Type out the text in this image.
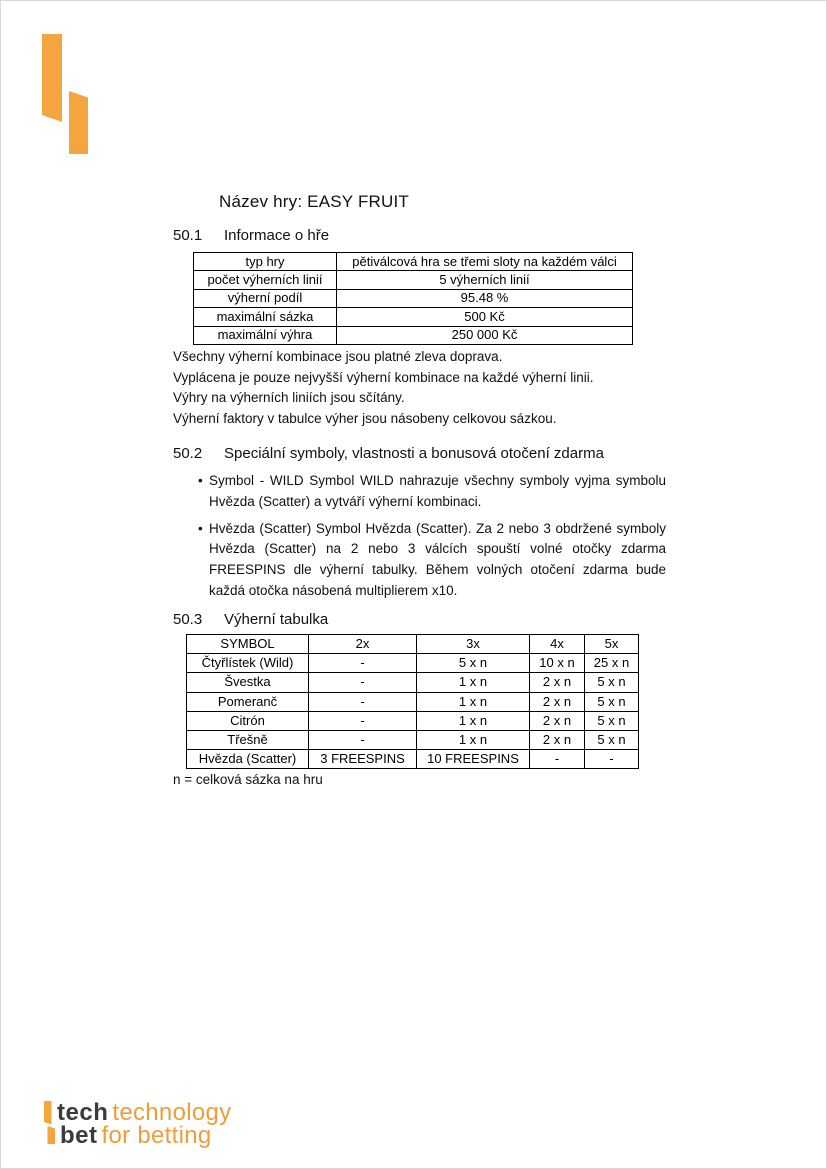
Název hry: EASY FRUIT
50.1	Informace o hře
typ hry	pětiválcová hra se třemi sloty na každém válci
počet výherních linií	5 výherních linií
výherní podíl	95.48 %
maximální sázka	500 Kč
maximální výhra	250 000 Kč
Všechny výherní kombinace jsou platné zleva doprava.
Vyplácena je pouze nejvyšší výherní kombinace na každé výherní linii.
Výhry na výherních liniích jsou sčítány.
Výherní faktory v tabulce výher jsou násobeny celkovou sázkou.
50.2	Speciální symboly, vlastnosti a bonusová otočení zdarma
• Symbol - WILD Symbol WILD nahrazuje všechny symboly vyjma symbolu Hvězda (Scatter) a vytváří výherní kombinaci.
• Hvězda (Scatter) Symbol Hvězda (Scatter). Za 2 nebo 3 obdržené symboly Hvězda (Scatter) na 2 nebo 3 válcích spouští volné otočky zdarma FREESPINS dle výherní tabulky. Během volných otočení zdarma bude každá otočka násobená multiplierem x10.
50.3	Výherní tabulka
SYMBOL	2x	3x	4x	5x
Čtyřlístek (Wild)	-	5 x n	10 x n	25 x n
Švestka	-	1 x n	2 x n	5 x n
Pomeranč	-	1 x n	2 x n	5 x n
Citrón	-	1 x n	2 x n	5 x n
Třešně	-	1 x n	2 x n	5 x n
Hvězda (Scatter)	3 FREESPINS	10 FREESPINS	-	-
n = celková sázka na hru
tech technology
bet for betting
